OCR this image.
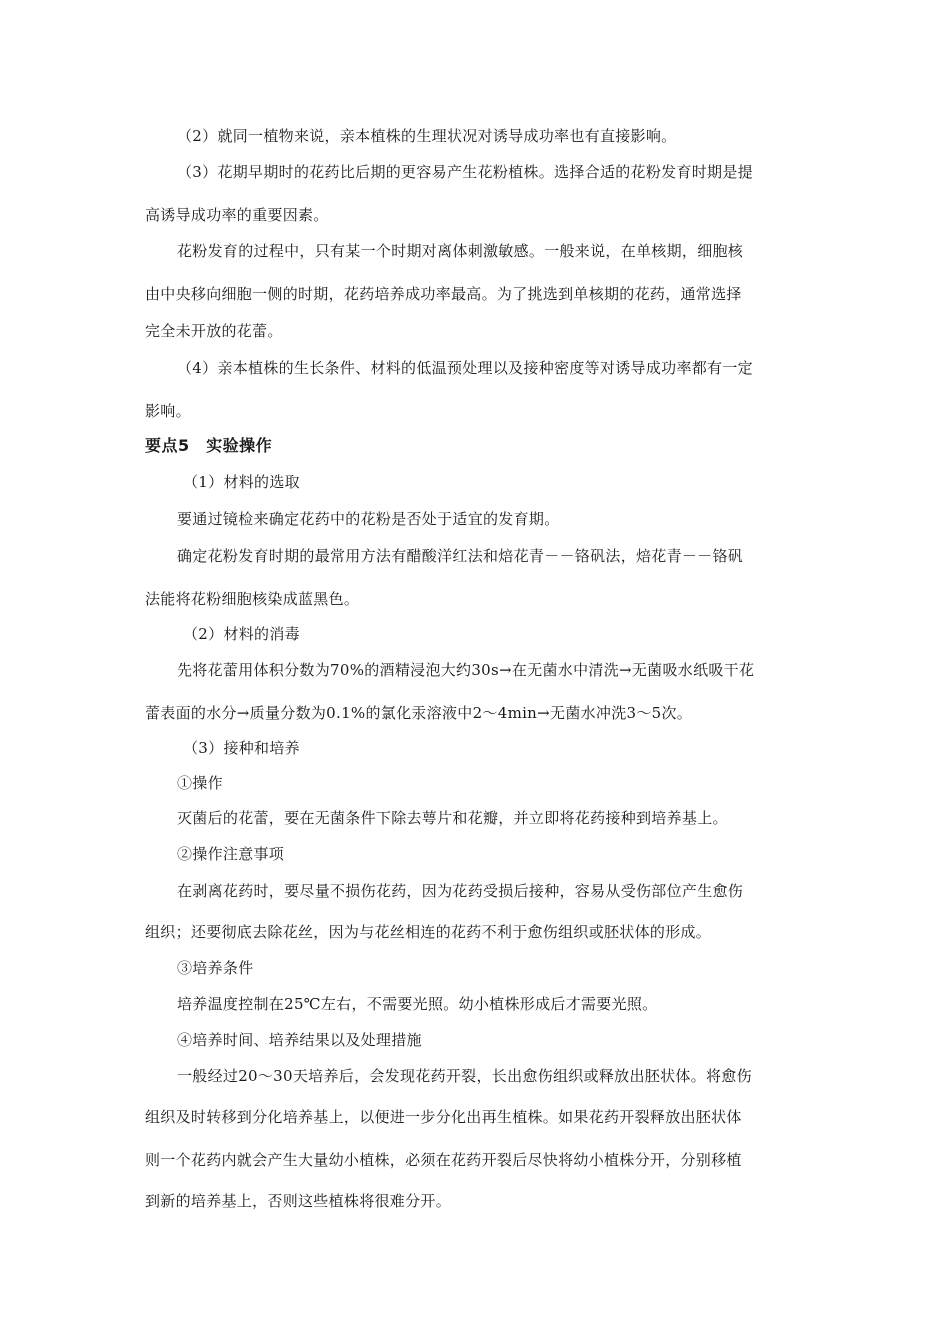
（2）就同一植物来说，亲本植株的生理状况对诱导成功率也有直接影响。
（3）花期早期时的花药比后期的更容易产生花粉植株。选择合适的花粉发育时期是提
高诱导成功率的重要因素。
花粉发育的过程中，只有某一个时期对离体刺激敏感。一般来说，在单核期，细胞核
由中央移向细胞一侧的时期，花药培养成功率最高。为了挑选到单核期的花药，通常选择
完全未开放的花蕾。
（4）亲本植株的生长条件、材料的低温预处理以及接种密度等对诱导成功率都有一定
影响。
要点5　实验操作
（1）材料的选取
要通过镜检来确定花药中的花粉是否处于适宜的发育期。
确定花粉发育时期的最常用方法有醋酸洋红法和焙花青－－铬矾法，焙花青－－铬矾
法能将花粉细胞核染成蓝黑色。
（2）材料的消毒
先将花蕾用体积分数为70%的酒精浸泡大约30s→在无菌水中清洗→无菌吸水纸吸干花
蕾表面的水分→质量分数为0.1%的氯化汞溶液中2～4min→无菌水冲洗3～5次。
（3）接种和培养
①操作
灭菌后的花蕾，要在无菌条件下除去萼片和花瓣，并立即将花药接种到培养基上。
②操作注意事项
在剥离花药时，要尽量不损伤花药，因为花药受损后接种，容易从受伤部位产生愈伤
组织；还要彻底去除花丝，因为与花丝相连的花药不利于愈伤组织或胚状体的形成。
③培养条件
培养温度控制在25℃左右，不需要光照。幼小植株形成后才需要光照。
④培养时间、培养结果以及处理措施
一般经过20～30天培养后，会发现花药开裂，长出愈伤组织或释放出胚状体。将愈伤
组织及时转移到分化培养基上，以便进一步分化出再生植株。如果花药开裂释放出胚状体
则一个花药内就会产生大量幼小植株，必须在花药开裂后尽快将幼小植株分开，分别移植
到新的培养基上，否则这些植株将很难分开。
